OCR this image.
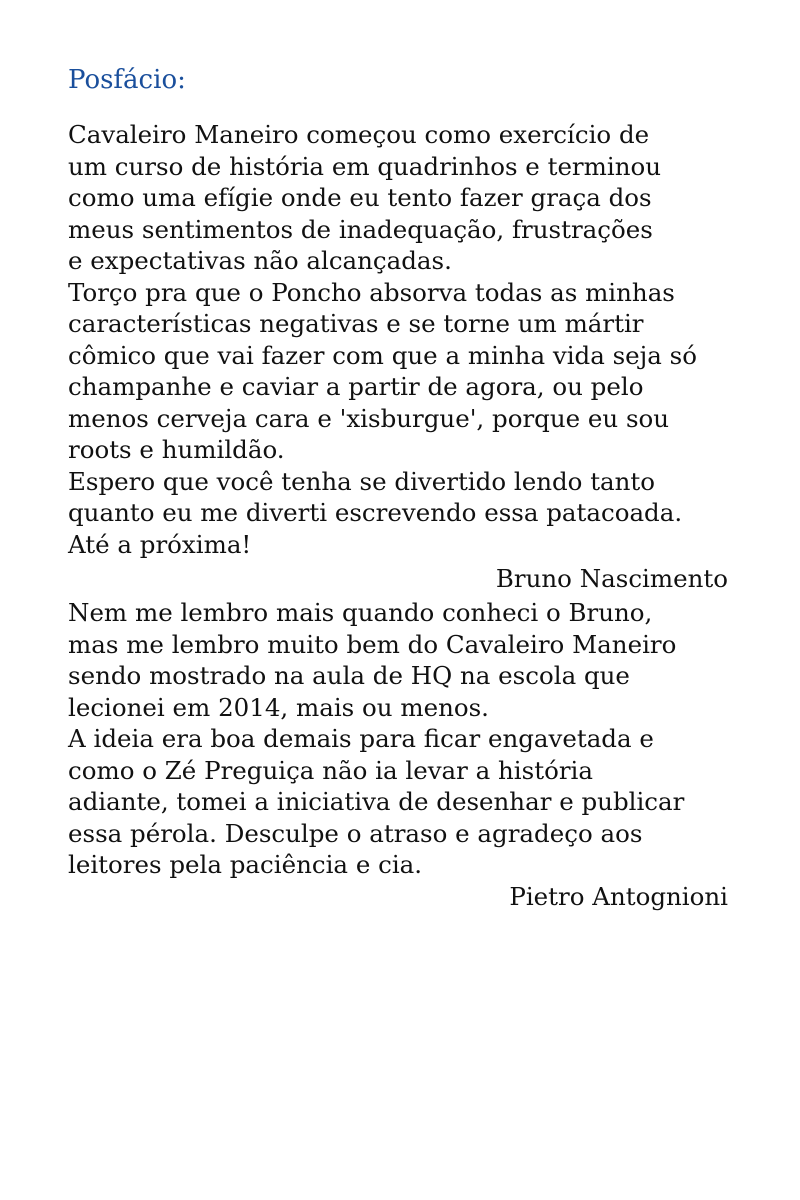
Posfácio:
Cavaleiro Maneiro começou como exercício de
um curso de história em quadrinhos e terminou
como uma efígie onde eu tento fazer graça dos
meus sentimentos de inadequação, frustrações
e expectativas não alcançadas.
Torço pra que o Poncho absorva todas as minhas
características negativas e se torne um mártir
cômico que vai fazer com que a minha vida seja só
champanhe e caviar a partir de agora, ou pelo
menos cerveja cara e 'xisburgue', porque eu sou
roots e humildão.
Espero que você tenha se divertido lendo tanto
quanto eu me diverti escrevendo essa patacoada.
Até a próxima!
Bruno Nascimento
Nem me lembro mais quando conheci o Bruno,
mas me lembro muito bem do Cavaleiro Maneiro
sendo mostrado na aula de HQ na escola que
lecionei em 2014, mais ou menos.
A ideia era boa demais para ficar engavetada e
como o Zé Preguiça não ia levar a história
adiante, tomei a iniciativa de desenhar e publicar
essa pérola. Desculpe o atraso e agradeço aos
leitores pela paciência e cia.
Pietro Antognioni
